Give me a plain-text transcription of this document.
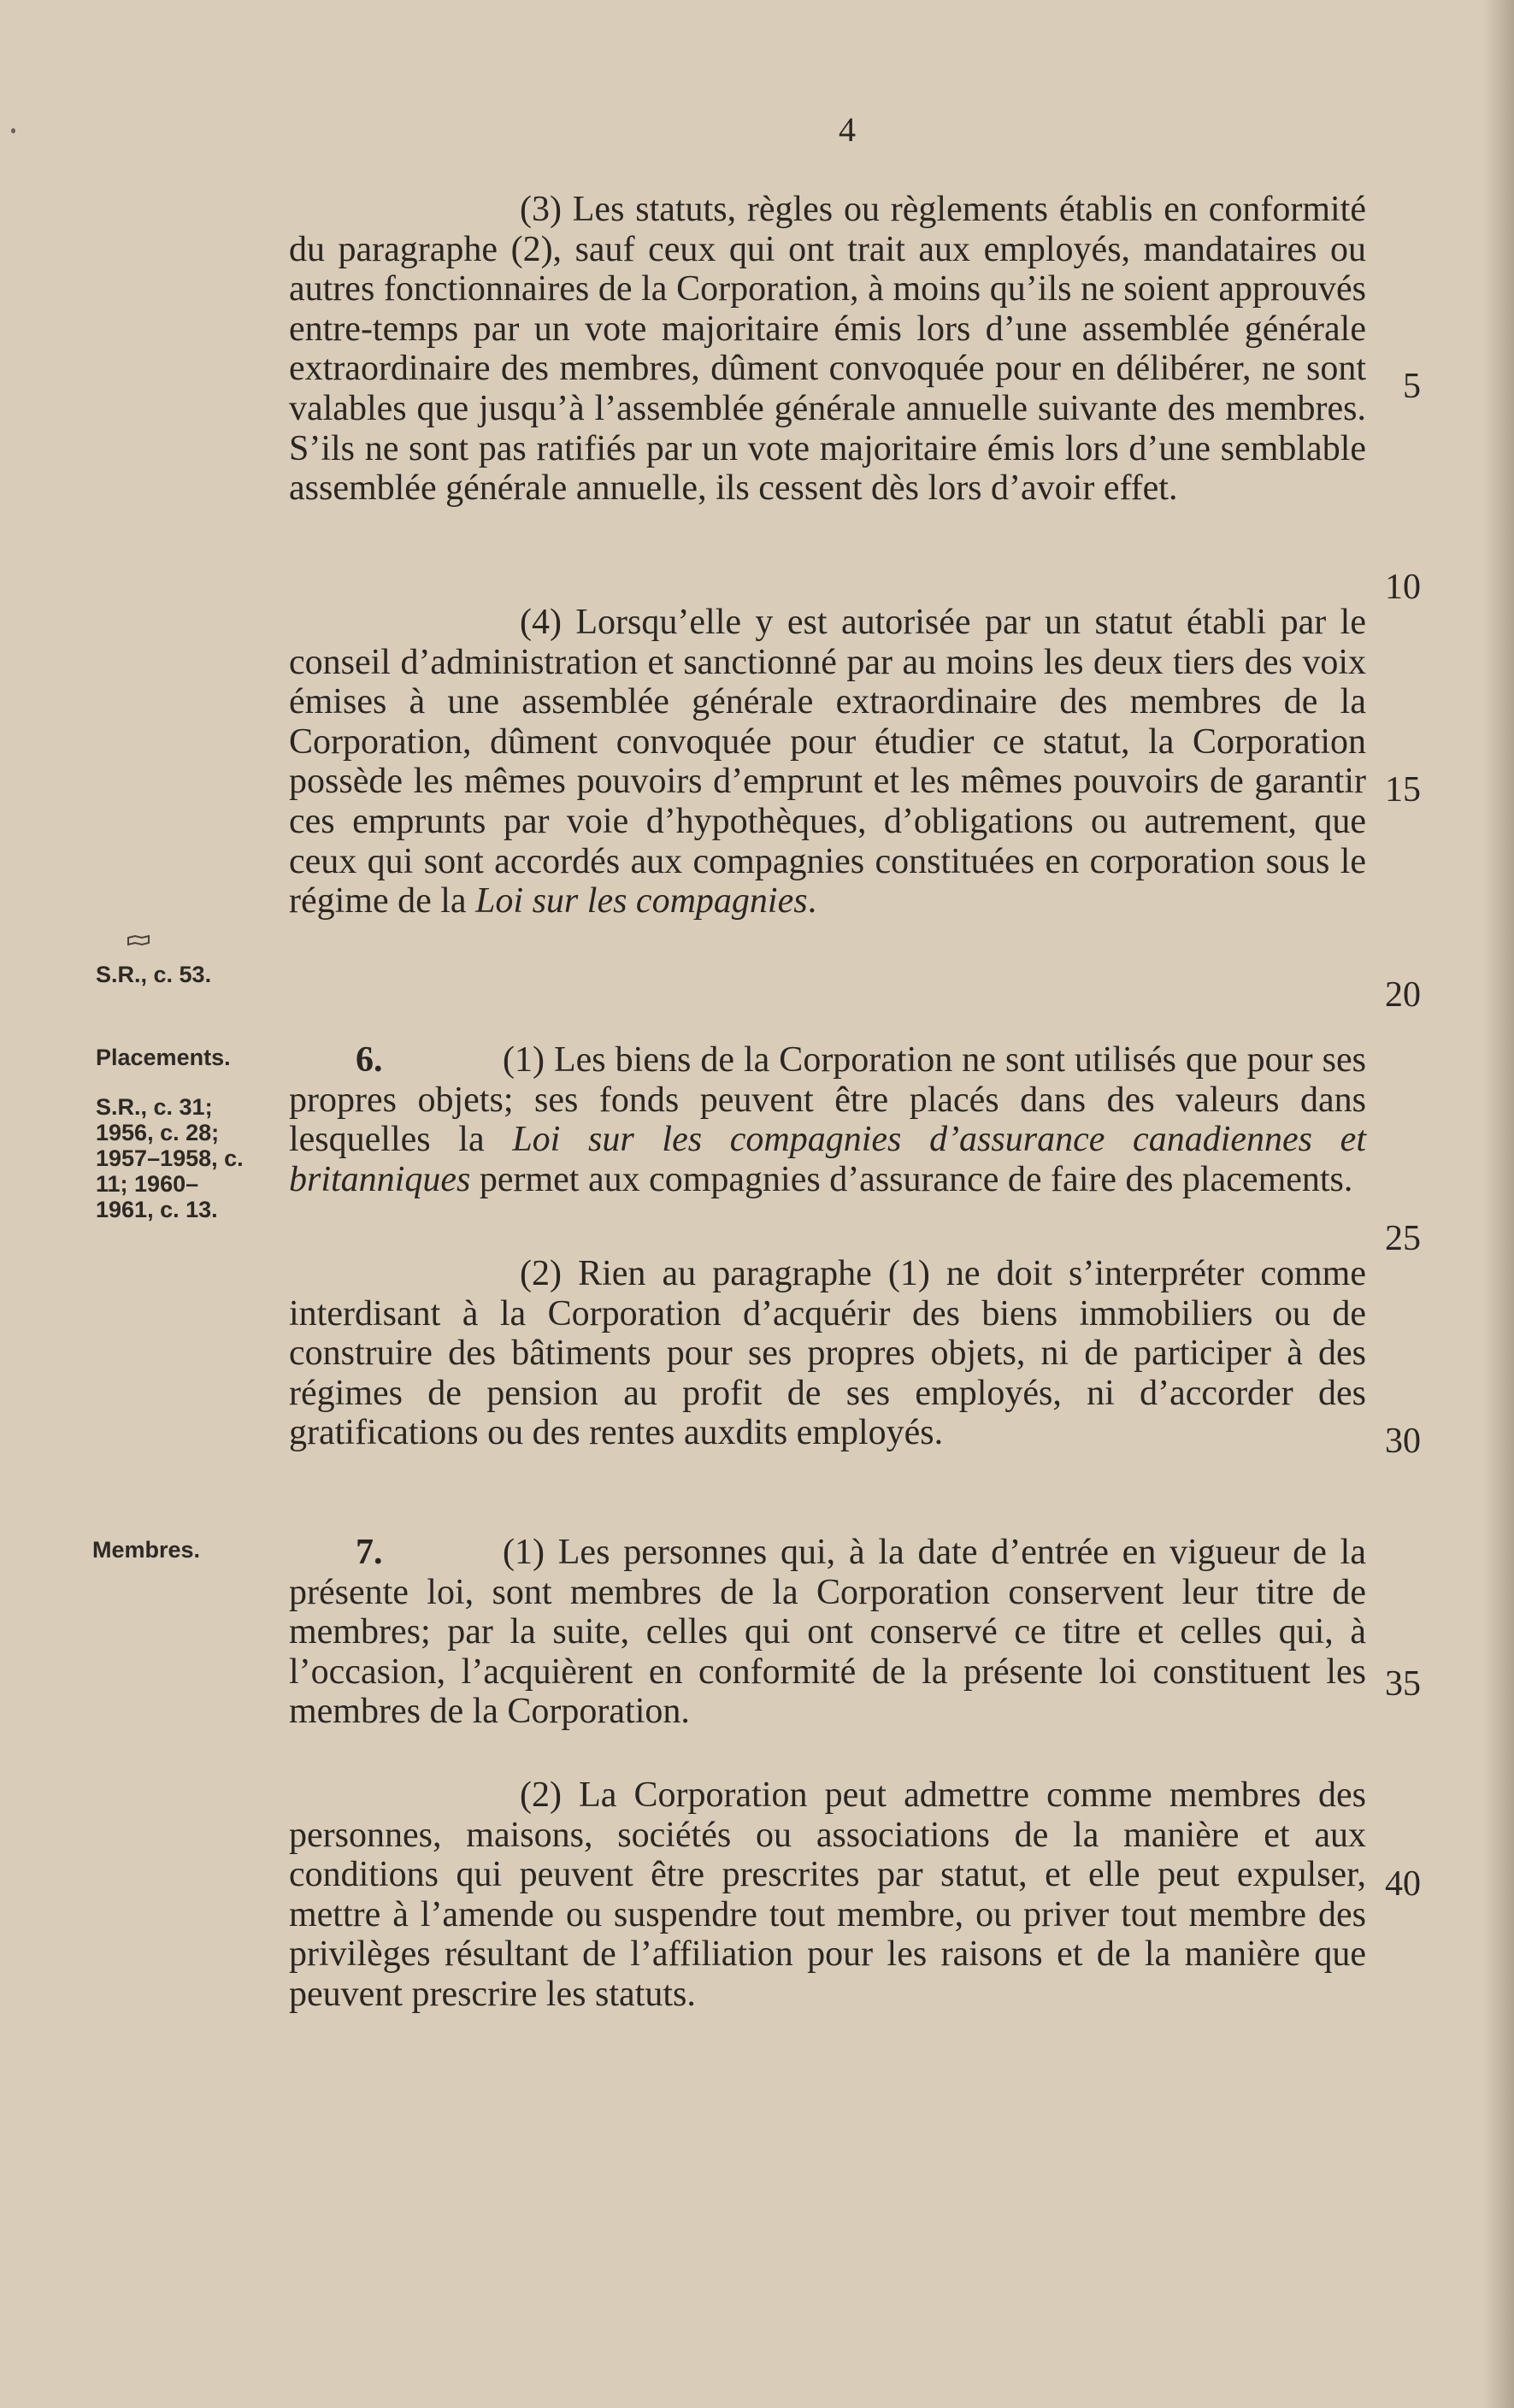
4
S.R., c. 53.
Placements.
S.R., c. 31; 1956, c. 28; 1957–1958, c. 11; 1960–1961, c. 13.
Membres.

(3) Les statuts, règles ou règlements établis en conformité du paragraphe (2), sauf ceux qui ont trait aux employés, mandataires ou autres fonctionnaires de la Corporation, à moins qu’ils ne soient approuvés entre-temps par un vote majoritaire émis lors d’une assemblée générale extraordinaire des membres, dûment convoquée pour en délibérer, ne sont valables que jusqu’à l’assemblée générale annuelle suivante des membres. S’ils ne sont pas ratifiés par un vote majoritaire émis lors d’une semblable assemblée générale annuelle, ils cessent dès lors d’avoir effet.

(4) Lorsqu’elle y est autorisée par un statut établi par le conseil d’administration et sanctionné par au moins les deux tiers des voix émises à une assemblée générale extraordinaire des membres de la Corporation, dûment convoquée pour étudier ce statut, la Corporation possède les mêmes pouvoirs d’emprunt et les mêmes pouvoirs de garantir ces emprunts par voie d’hypothèques, d’obligations ou autrement, que ceux qui sont accordés aux compagnies constituées en corporation sous le régime de la Loi sur les compagnies.

6.	(1) Les biens de la Corporation ne sont utilisés que pour ses propres objets; ses fonds peuvent être placés dans des valeurs dans lesquelles la Loi sur les compagnies d’assurance canadiennes et britanniques permet aux compagnies d’assurance de faire des placements.

(2) Rien au paragraphe (1) ne doit s’interpréter comme interdisant à la Corporation d’acquérir des biens immobiliers ou de construire des bâtiments pour ses propres objets, ni de participer à des régimes de pension au profit de ses employés, ni d’accorder des gratifications ou des rentes auxdits employés.

7.	(1) Les personnes qui, à la date d’entrée en vigueur de la présente loi, sont membres de la Corporation conservent leur titre de membres; par la suite, celles qui ont conservé ce titre et celles qui, à l’occasion, l’acquièrent en conformité de la présente loi constituent les membres de la Corporation.

(2) La Corporation peut admettre comme membres des personnes, maisons, sociétés ou associations de la manière et aux conditions qui peuvent être prescrites par statut, et elle peut expulser, mettre à l’amende ou suspendre tout membre, ou priver tout membre des privilèges résultant de l’affiliation pour les raisons et de la manière que peuvent prescrire les statuts.

5
10
15
20
25
30
35
40
